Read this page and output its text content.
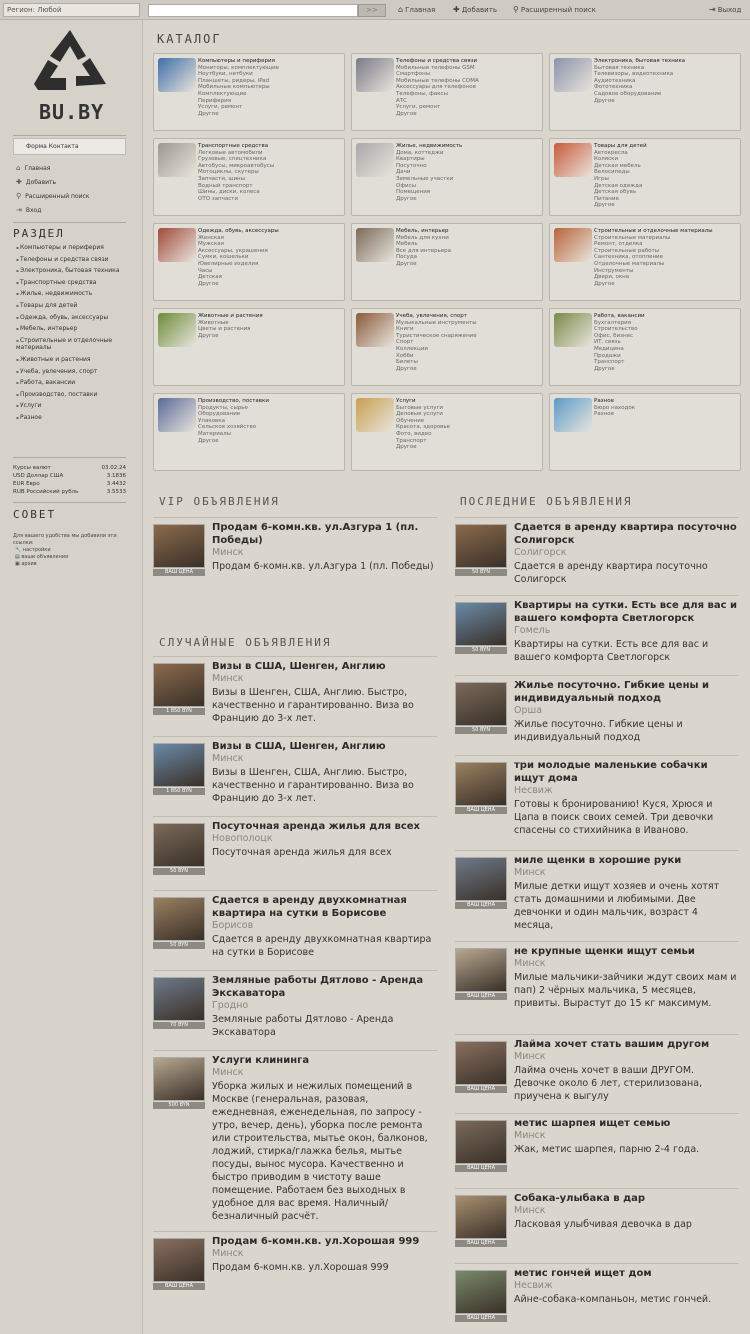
Регион: Любой	>>	⌂ Главная ✚ Добавить ⚲ Расширенный поиск	⇥ Выход
BU.BY
Форма Контакта
⌂ Главная
✚ Добавить
⚲ Расширенный поиск
⇥ Вход
РАЗДЕЛ
▪ Компьютеры и периферия
▪ Телефоны и средства связи
▪ Электроника, бытовая техника
▪ Транспортные средства
▪ Жилье, недвижимость
▪ Товары для детей
▪ Одежда, обувь, аксессуары
▪ Мебель, интерьер
▪ Строительные и отделочные материалы
▪ Животные и растения
▪ Учеба, увлечения, спорт
▪ Работа, вакансии
▪ Производство, поставки
▪ Услуги
▪ Разное
Курсы валют	03.02.24
USD Доллар США	3.1836
EUR Евро	3.4432
RUB Российский рубль	3.5533
СОВЕТ
Для вашего удобства мы добавили эти ссылки:
🔧 настройки
▤ ваши объявления
▣ архив
КАТАЛОГ
Компьютеры и периферия
Мониторы, комплектующие
Ноутбуки, нетбуки
Планшеты, ридеры, iPad
Мобильные компьютеры
Комплектующие
Периферия
Услуги, ремонт
Другое
Телефоны и средства связи
Мобильные телефоны GSM
Смартфоны
Мобильные телефоны CDMA
Аксессуары для телефонов
Телефоны, факсы
АТС
Услуги, ремонт
Другое
Электроника, бытовая техника
Бытовая техника
Телевизоры, видеотехника
Аудиотехника
Фототехника
Садовое оборудование
Другое
Транспортные средства
Легковые автомобили
Грузовые, спецтехника
Автобусы, микроавтобусы
Мотоциклы, скутеры
Запчасти, шины
Водный транспорт
Шины, диски, колеса
ОТО запчасти
Жилье, недвижимость
Дома, коттеджи
Квартиры
Посуточно
Дачи
Земельные участки
Офисы
Помещения
Другое
Товары для детей
Автокресла
Коляски
Детская мебель
Велосипеды
Игры
Детская одежда
Детская обувь
Питание
Другое
Одежда, обувь, аксессуары
Женская
Мужская
Аксессуары, украшения
Сумки, кошельки
Ювелирные изделия
Часы
Детская
Другое
Мебель, интерьер
Мебель для кухни
Мебель
Все для интерьера
Посуда
Другое
Строительные и отделочные материалы
Строительные материалы
Ремонт, отделка
Строительные работы
Сантехника, отопление
Отделочные материалы
Инструменты
Двери, окна
Другое
Животные и растения
Животные
Цветы и растения
Другое
Учеба, увлечения, спорт
Музыкальные инструменты
Книги
Туристическое снаряжение
Спорт
Коллекции
Хобби
Билеты
Другое
Работа, вакансии
Бухгалтерия
Строительство
Офис, бизнес
ИТ, связь
Медицина
Продажи
Транспорт
Другое
Производство, поставки
Продукты, сырье
Оборудование
Упаковка
Сельское хозяйство
Материалы
Другое
Услуги
Бытовые услуги
Деловые услуги
Обучение
Красота, здоровье
Фото, видео
Транспорт
Другое
Разное
Бюро находок
Разное
VIP ОБЪЯВЛЕНИЯ	ПОСЛЕДНИЕ ОБЪЯВЛЕНИЯ
СЛУЧАЙНЫЕ ОБЪЯВЛЕНИЯ
ВАШ ЦЕНА
Продам 6-комн.кв. ул.Азгура 1 (пл. Победы)
Минск
Продам 6-комн.кв. ул.Азгура 1 (пл. Победы)
1 850 BYN
Визы в США, Шенген, Англию
Минск
Визы в Шенген, США, Англию. Быстро, качественно и гарантированно. Виза во Францию до 3-х лет.
1 850 BYN
Визы в США, Шенген, Англию
Минск
Визы в Шенген, США, Англию. Быстро, качественно и гарантированно. Виза во Францию до 3-х лет.
50 BYN
Посуточная аренда жилья для всех
Новополоцк
Посуточная аренда жилья для всех
50 BYN
Сдается в аренду двухкомнатная квартира на сутки в Борисове
Борисов
Сдается в аренду двухкомнатная квартира на сутки в Борисове
70 BYN
Земляные работы Дятлово - Аренда Экскаватора
Гродно
Земляные работы Дятлово - Аренда Экскаватора
500 BYN
Услуги клининга
Минск
Уборка жилых и нежилых помещений в Москве (генеральная, разовая, ежедневная, еженедельная, по запросу - утро, вечер, день), уборка после ремонта или строительства, мытье окон, балконов, лоджий, стирка/глажка белья, мытье посуды, вынос мусора. Качественно и быстро приводим в чистоту ваше помещение. Работаем без выходных в удобное для вас время. Наличный/безналичный расчёт.
ВАШ ЦЕНА
Продам 6-комн.кв. ул.Хорошая 999
Минск
Продам 6-комн.кв. ул.Хорошая 999
50 BYN
Сдается в аренду квартира посуточно Солигорск
Солигорск
Сдается в аренду квартира посуточно Солигорск
50 BYN
Квартиры на сутки. Есть все для вас и вашего комфорта Светлогорск
Гомель
Квартиры на сутки. Есть все для вас и вашего комфорта Светлогорск
50 BYN
Жилье посуточно. Гибкие цены и индивидуальный подход
Орша
Жилье посуточно. Гибкие цены и индивидуальный подход
ВАШ ЦЕНА
три молодые маленькие собачки ищут дома
Несвиж
Готовы к бронированию! Куся, Хрюся и Цапа в поиск своих семей. Три девочки спасены со стихийника в Иваново.
ВАШ ЦЕНА
миле щенки в хорошие руки
Минск
Милые детки ищут хозяев и очень хотят стать домашними и любимыми. Две девчонки и один мальчик, возраст 4 месяца,
ВАШ ЦЕНА
не крупные щенки ищут семьи
Минск
Милые мальчики-зайчики ждут своих мам и пап) 2 чёрных мальчика, 5 месяцев, привиты. Вырастут до 15 кг максимум.
ВАШ ЦЕНА
Лайма хочет стать вашим другом
Минск
Лайма очень хочет в ваши ДРУГОМ. Девочке около 6 лет, стерилизована, приучена к выгулу
ВАШ ЦЕНА
метис шарпея ищет семью
Минск
Жак, метис шарпея, парню 2-4 года.
ВАШ ЦЕНА
Собака-улыбака в дар
Минск
Ласковая улыбчивая девочка в дар
ВАШ ЦЕНА
метис гончей ищет дом
Несвиж
Айне-собака-компаньон, метис гончей.
